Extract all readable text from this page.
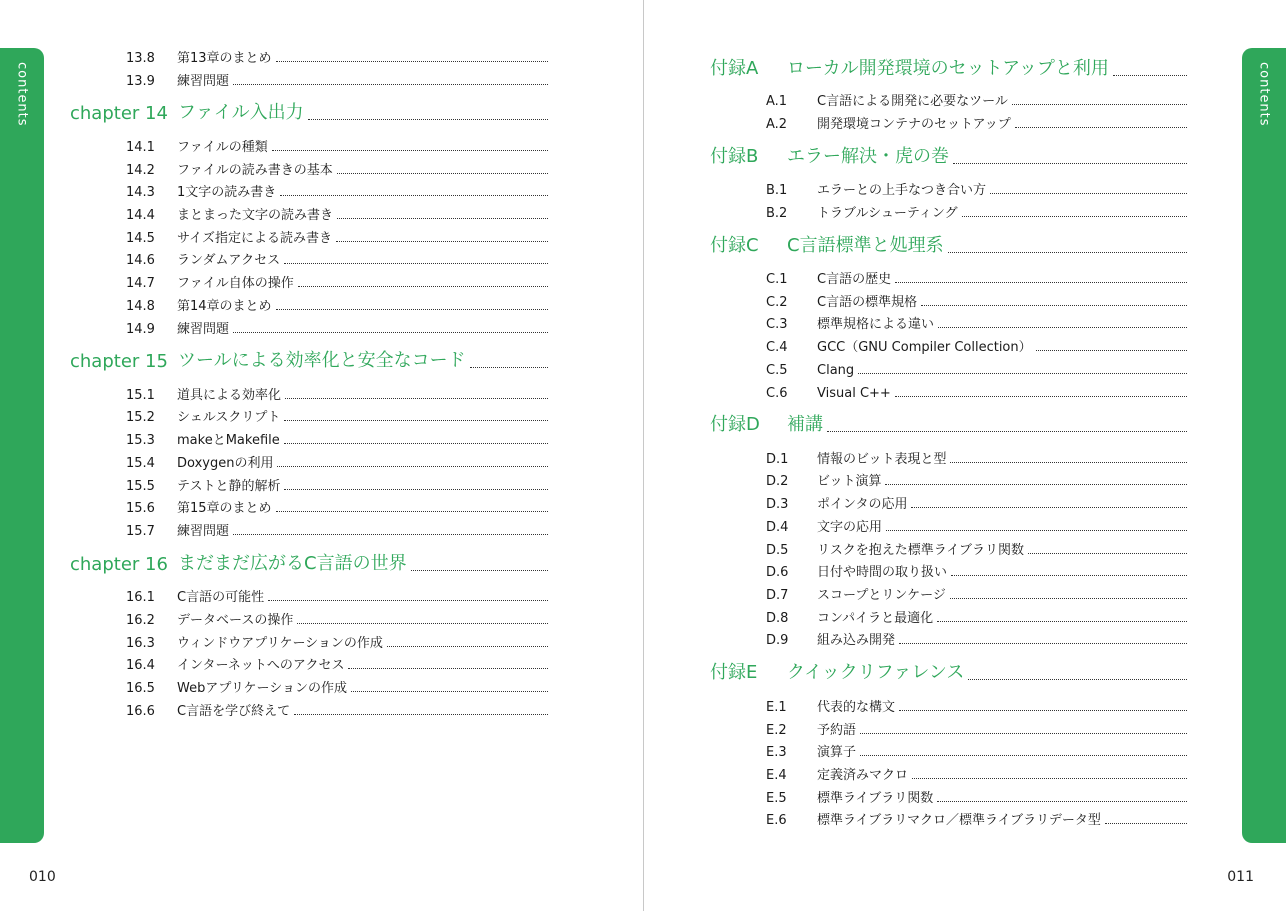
contents
13.8	第13章のまとめ
13.9	練習問題
chapter 14 ファイル入出力
14.1	ファイルの種類
14.2	ファイルの読み書きの基本
14.3	1文字の読み書き
14.4	まとまった文字の読み書き
14.5	サイズ指定による読み書き
14.6	ランダムアクセス
14.7	ファイル自体の操作
14.8	第14章のまとめ
14.9	練習問題
chapter 15 ツールによる効率化と安全なコード
15.1	道具による効率化
15.2	シェルスクリプト
15.3	makeとMakefile
15.4	Doxygenの利用
15.5	テストと静的解析
15.6	第15章のまとめ
15.7	練習問題
chapter 16 まだまだ広がるC言語の世界
16.1	C言語の可能性
16.2	データベースの操作
16.3	ウィンドウアプリケーションの作成
16.4	インターネットへのアクセス
16.5	Webアプリケーションの作成
16.6	C言語を学び終えて
010
contents
付録A	ローカル開発環境のセットアップと利用
A.1	C言語による開発に必要なツール
A.2	開発環境コンテナのセットアップ
付録B	エラー解決・虎の巻
B.1	エラーとの上手なつき合い方
B.2	トラブルシューティング
付録C	C言語標準と処理系
C.1	C言語の歴史
C.2	C言語の標準規格
C.3	標準規格による違い
C.4	GCC（GNU Compiler Collection）
C.5	Clang
C.6	Visual C++
付録D	補講
D.1	情報のビット表現と型
D.2	ビット演算
D.3	ポインタの応用
D.4	文字の応用
D.5	リスクを抱えた標準ライブラリ関数
D.6	日付や時間の取り扱い
D.7	スコープとリンケージ
D.8	コンパイラと最適化
D.9	組み込み開発
付録E	クイックリファレンス
E.1	代表的な構文
E.2	予約語
E.3	演算子
E.4	定義済みマクロ
E.5	標準ライブラリ関数
E.6	標準ライブラリマクロ／標準ライブラリデータ型
011
